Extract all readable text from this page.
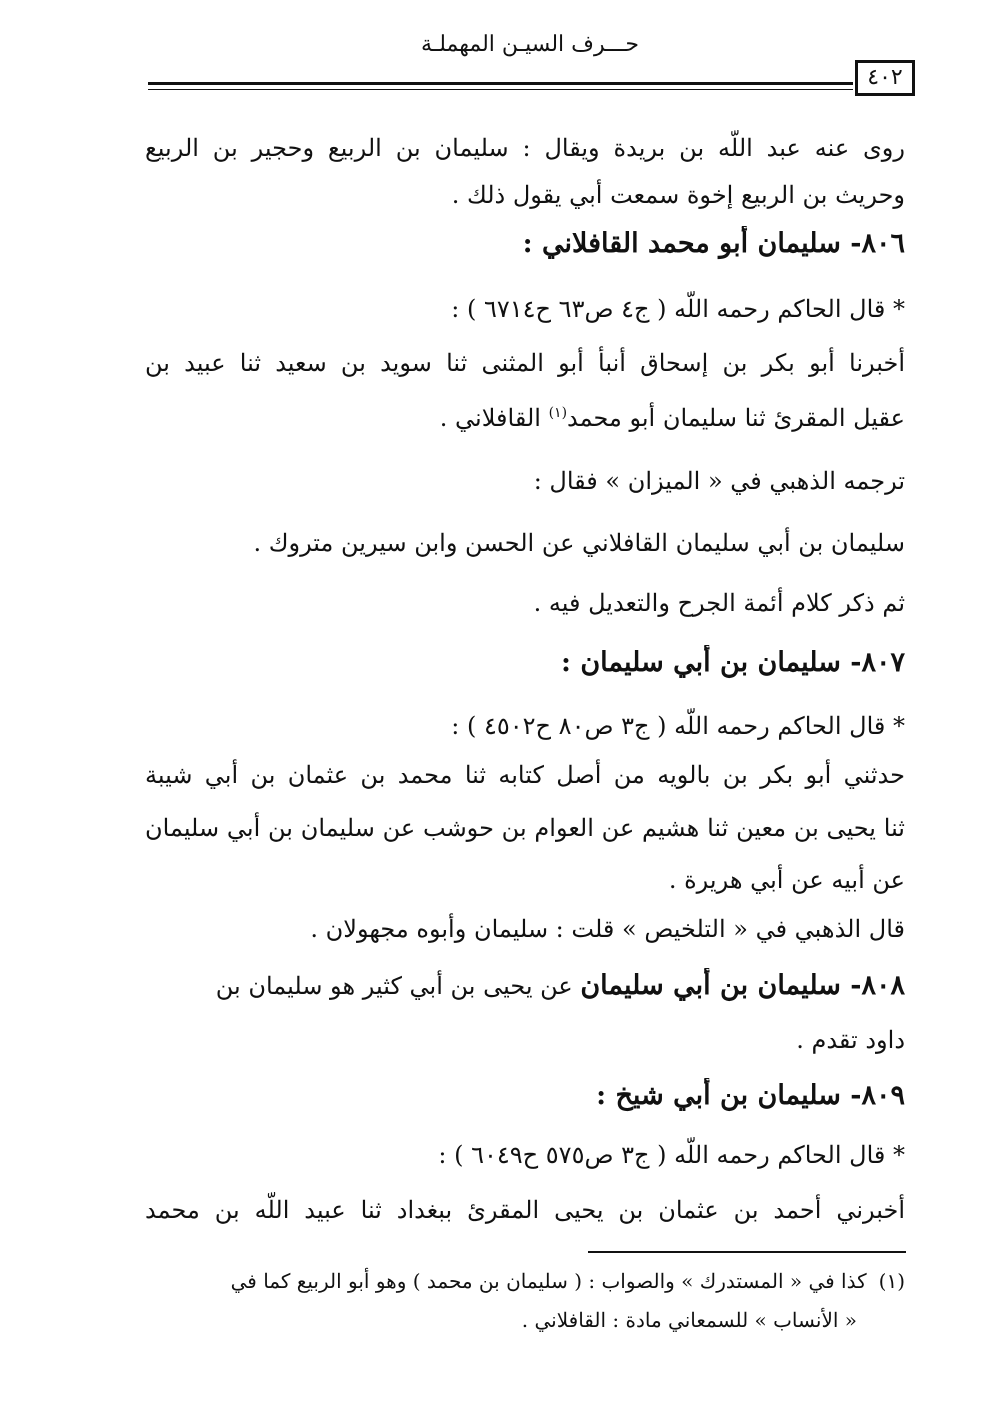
حـــرف السيـن المهملـة
٤٠٢
روى عنه عبد اللّه بن بريدة ويقال : سليمان بن الربيع وحجير بن الربيع
وحريث بن الربيع إخوة سمعت أبي يقول ذلك .
٨٠٦- سليمان أبو محمد القافلاني :
* قال الحاكم رحمه اللّه ( ج٤ ص٦٣ ح٦٧١٤ ) :
أخبرنا أبو بكر بن إسحاق أنبأ أبو المثنى ثنا سويد بن سعيد ثنا عبيد بن
عقيل المقرئ ثنا سليمان أبو محمد$^{(١)}$ القافلاني .
ترجمه الذهبي في « الميزان » فقال :
سليمان بن أبي سليمان القافلاني عن الحسن وابن سيرين متروك .
ثم ذكر كلام أئمة الجرح والتعديل فيه .
٨٠٧- سليمان بن أبي سليمان :
* قال الحاكم رحمه اللّه ( ج٣ ص٨٠ ح٤٥٠٢ ) :
حدثني أبو بكر بن بالويه من أصل كتابه ثنا محمد بن عثمان بن أبي شيبة
ثنا يحيى بن معين ثنا هشيم عن العوام بن حوشب عن سليمان بن أبي سليمان
عن أبيه عن أبي هريرة .
قال الذهبي في « التلخيص » قلت : سليمان وأبوه مجهولان .
٨٠٨- سليمان بن أبي سليمان عن يحيى بن أبي كثير هو سليمان بن
داود تقدم .
٨٠٩- سليمان بن أبي شيخ :
* قال الحاكم رحمه اللّه ( ج٣ ص٥٧٥ ح٦٠٤٩ ) :
أخبرني أحمد بن عثمان بن يحيى المقرئ ببغداد ثنا عبيد اللّه بن محمد
(١)كذا في « المستدرك » والصواب : ( سليمان بن محمد ) وهو أبو الربيع كما في
« الأنساب » للسمعاني مادة : القافلاني .
